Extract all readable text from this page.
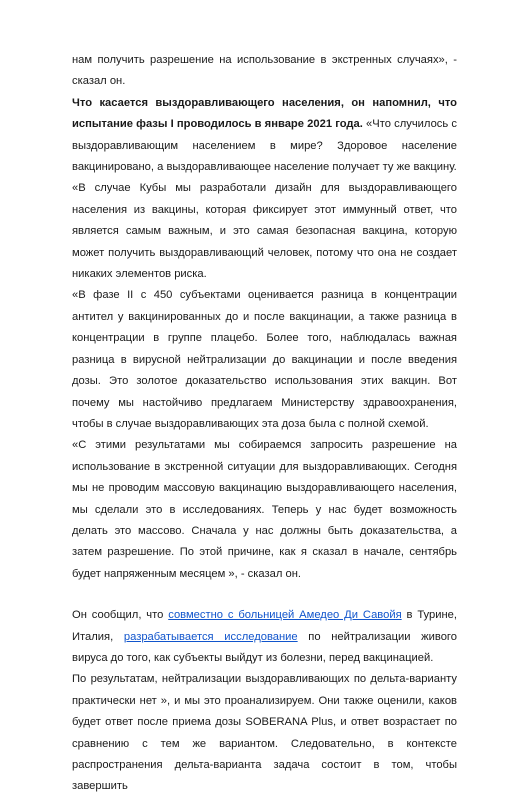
нам получить разрешение на использование в экстренных случаях», - сказал он.

Что касается выздоравливающего населения, он напомнил, что испытание фазы I проводилось в январе 2021 года. «Что случилось с выздоравливающим населением в мире? Здоровое население вакцинировано, а выздоравливающее население получает ту же вакцину.

«В случае Кубы мы разработали дизайн для выздоравливающего населения из вакцины, которая фиксирует этот иммунный ответ, что является самым важным, и это самая безопасная вакцина, которую может получить выздоравливающий человек, потому что она не создает никаких элементов риска.

«В фазе II с 450 субъектами оценивается разница в концентрации антител у вакцинированных до и после вакцинации, а также разница в концентрации в группе плацебо. Более того, наблюдалась важная разница в вирусной нейтрализации до вакцинации и после введения дозы. Это золотое доказательство использования этих вакцин. Вот почему мы настойчиво предлагаем Министерству здравоохранения, чтобы в случае выздоравливающих эта доза была с полной схемой.

«С этими результатами мы собираемся запросить разрешение на использование в экстренной ситуации для выздоравливающих. Сегодня мы не проводим массовую вакцинацию выздоравливающего населения, мы сделали это в исследованиях. Теперь у нас будет возможность делать это массово. Сначала у нас должны быть доказательства, а затем разрешение. По этой причине, как я сказал в начале, сентябрь будет напряженным месяцем », - сказал он.

Он сообщил, что совместно с больницей Амедео Ди Савойя в Турине, Италия, разрабатывается исследование по нейтрализации живого вируса до того, как субъекты выйдут из болезни, перед вакцинацией.

По результатам, нейтрализации выздоравливающих по дельта-варианту практически нет », и мы это проанализируем. Они также оценили, каков будет ответ после приема дозы SOBERANA Plus, и ответ возрастает по сравнению с тем же вариантом. Следовательно, в контексте распространения дельта-варианта задача состоит в том, чтобы завершить
